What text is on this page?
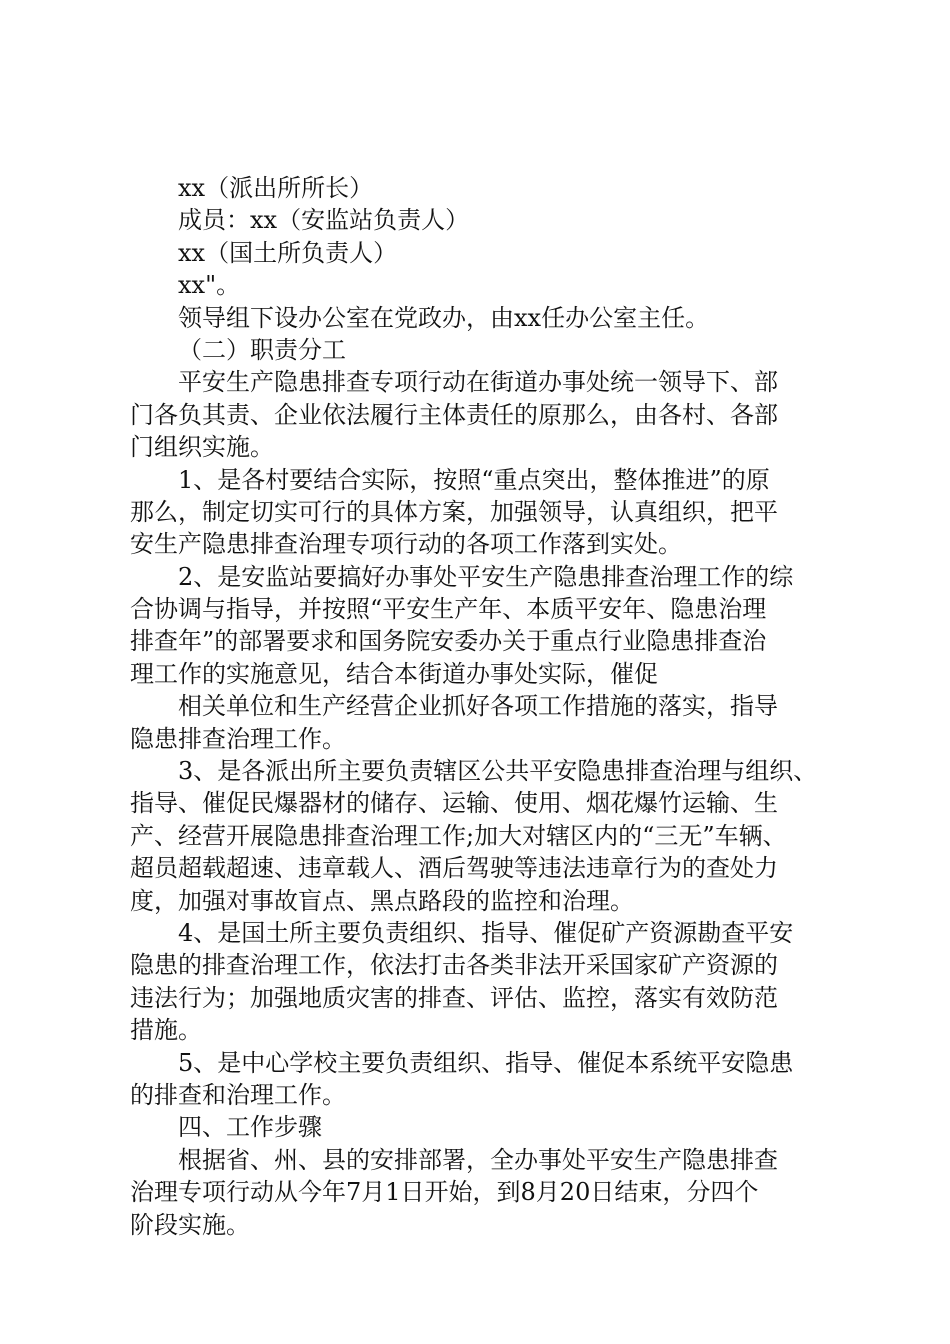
xx（派出所所长）
成员：xx（安监站负责人）
xx（国土所负责人）
xx"。
领导组下设办公室在党政办，由xx任办公室主任。
（二）职责分工
平安生产隐患排查专项行动在街道办事处统一领导下、部
门各负其责、企业依法履行主体责任的原那么，由各村、各部
门组织实施。
1、是各村要结合实际，按照“重点突出，整体推进”的原
那么，制定切实可行的具体方案，加强领导，认真组织，把平
安生产隐患排查治理专项行动的各项工作落到实处。
2、是安监站要搞好办事处平安生产隐患排查治理工作的综
合协调与指导，并按照“平安生产年、本质平安年、隐患治理
排查年”的部署要求和国务院安委办关于重点行业隐患排查治
理工作的实施意见，结合本街道办事处实际，催促
相关单位和生产经营企业抓好各项工作措施的落实，指导
隐患排查治理工作。
3、是各派出所主要负责辖区公共平安隐患排查治理与组织、
指导、催促民爆器材的储存、运输、使用、烟花爆竹运输、生
产、经营开展隐患排查治理工作;加大对辖区内的“三无”车辆、
超员超载超速、违章载人、酒后驾驶等违法违章行为的查处力
度，加强对事故盲点、黑点路段的监控和治理。
4、是国土所主要负责组织、指导、催促矿产资源勘查平安
隐患的排查治理工作，依法打击各类非法开采国家矿产资源的
违法行为；加强地质灾害的排查、评估、监控，落实有效防范
措施。
5、是中心学校主要负责组织、指导、催促本系统平安隐患
的排查和治理工作。
四、工作步骤
根据省、州、县的安排部署，全办事处平安生产隐患排查
治理专项行动从今年7月1日开始，到8月20日结束，分四个
阶段实施。
